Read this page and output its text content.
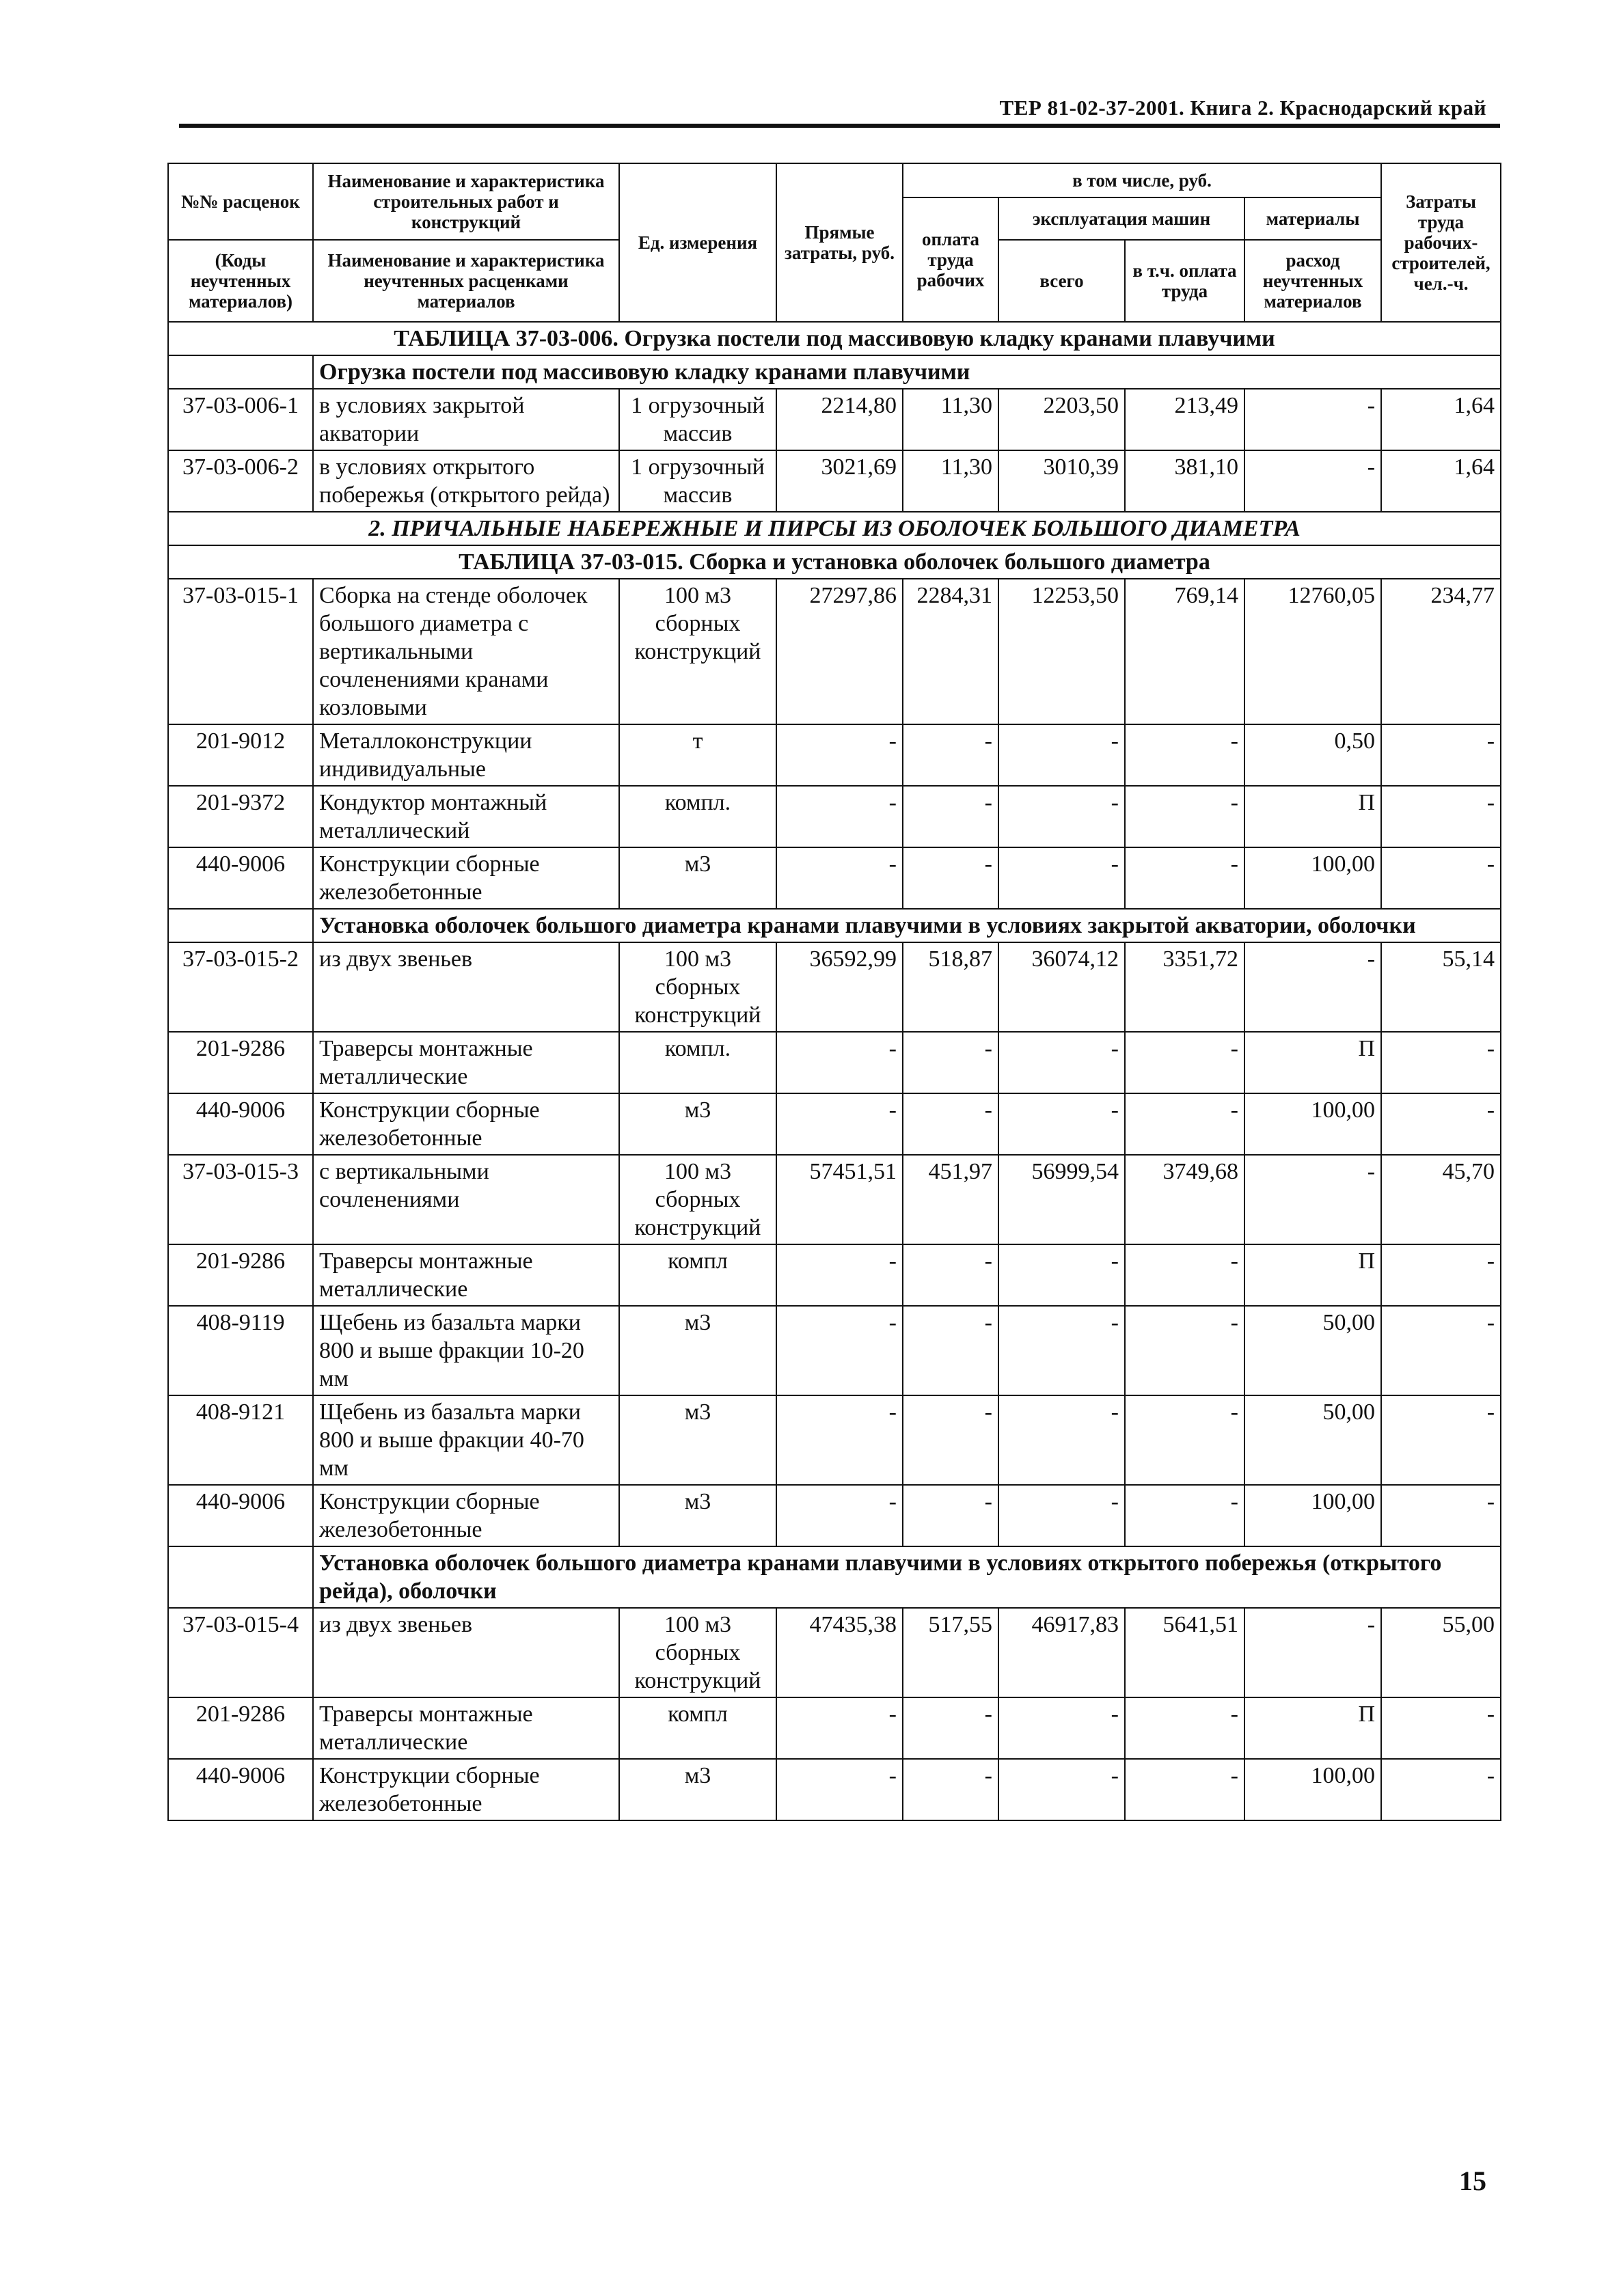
ТЕР 81-02-37-2001. Книга 2. Краснодарский край
№№ расценок	Наименование и характеристика строительных работ и конструкций	Ед. измерения	Прямые затраты, руб.	в том числе, руб.				Затраты труда рабочих-строителей, чел.-ч.
				оплата труда рабочих	эксплуатация машин		материалы	
(Коды неучтенных материалов)	Наименование и характеристика неучтенных расценками материалов				всего	в т.ч. оплата труда	расход неучтенных материалов	

ТАБЛИЦА 37-03-006. Огрузка постели под массивовую кладку кранами плавучими								
	Огрузка постели под массивовую кладку кранами плавучими							
37-03-006-1	в условиях закрытой акватории	1 огрузочный массив	2214,80	11,30	2203,50	213,49	-	1,64
37-03-006-2	в условиях открытого побережья (открытого рейда)	1 огрузочный массив	3021,69	11,30	3010,39	381,10	-	1,64
2. ПРИЧАЛЬНЫЕ НАБЕРЕЖНЫЕ И ПИРСЫ ИЗ ОБОЛОЧЕК БОЛЬШОГО ДИАМЕТРА								
ТАБЛИЦА 37-03-015. Сборка и установка оболочек большого диаметра								
37-03-015-1	Сборка на стенде оболочек большого диаметра с вертикальными сочленениями кранами козловыми	100 м3 сборных конструкций	27297,86	2284,31	12253,50	769,14	12760,05	234,77
201-9012	Металлоконструкции индивидуальные	т	-	-	-	-	0,50	-
201-9372	Кондуктор монтажный металлический	компл.	-	-	-	-	П	-
440-9006	Конструкции сборные железобетонные	м3	-	-	-	-	100,00	-
	Установка оболочек большого диаметра кранами плавучими в условиях закрытой акватории, оболочки							
37-03-015-2	из двух звеньев	100 м3 сборных конструкций	36592,99	518,87	36074,12	3351,72	-	55,14
201-9286	Траверсы монтажные металлические	компл.	-	-	-	-	П	-
440-9006	Конструкции сборные железобетонные	м3	-	-	-	-	100,00	-
37-03-015-3	с вертикальными сочленениями	100 м3 сборных конструкций	57451,51	451,97	56999,54	3749,68	-	45,70
201-9286	Траверсы монтажные металлические	компл	-	-	-	-	П	-
408-9119	Щебень из базальта марки 800 и выше фракции 10-20 мм	м3	-	-	-	-	50,00	-
408-9121	Щебень из базальта марки 800 и выше фракции 40-70 мм	м3	-	-	-	-	50,00	-
440-9006	Конструкции сборные железобетонные	м3	-	-	-	-	100,00	-
	Установка оболочек большого диаметра кранами плавучими в условиях открытого побережья (открытого рейда), оболочки							
37-03-015-4	из двух звеньев	100 м3 сборных конструкций	47435,38	517,55	46917,83	5641,51	-	55,00
201-9286	Траверсы монтажные металлические	компл	-	-	-	-	П	-
440-9006	Конструкции сборные железобетонные	м3	-	-	-	-	100,00	-
15
